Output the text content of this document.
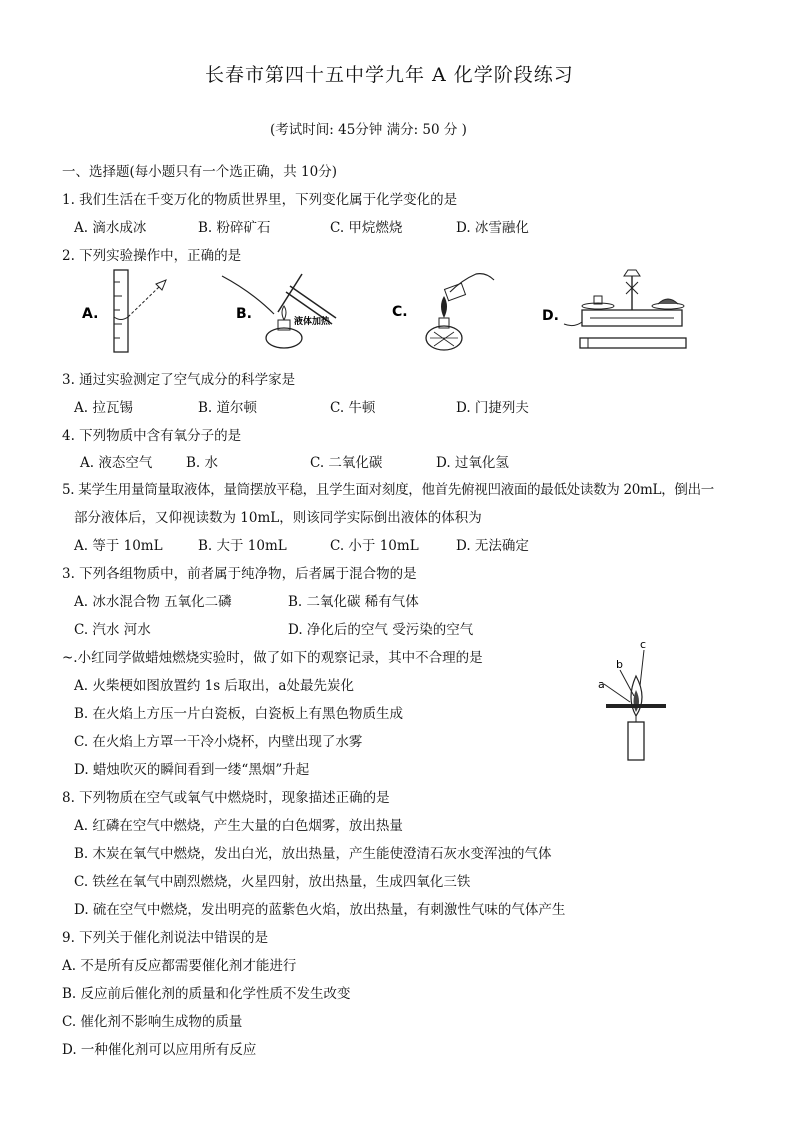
长春市第四十五中学九年 A 化学阶段练习
(考试时间: 45分钟 满分: 50 分 )
一、选择题(每小题只有一个选正确，共 10分)
1. 我们生活在千变万化的物质世界里，下列变化属于化学变化的是
A. 滴水成冰	B. 粉碎矿石	C. 甲烷燃烧	D. 冰雪融化
2. 下列实验操作中，正确的是
A.	B.	液体加热
C.	D.
3. 通过实验测定了空气成分的科学家是
A. 拉瓦锡	B. 道尔顿	C. 牛顿	D. 门捷列夫
4. 下列物质中含有氧分子的是
A. 液态空气 B. 水	C. 二氧化碳	D. 过氧化氢
5. 某学生用量筒量取液体，量筒摆放平稳，且学生面对刻度，他首先俯视凹液面的最低处读数为 20mL，倒出一
部分液体后，又仰视读数为 10mL，则该同学实际倒出液体的体积为
A. 等于 10mL	B. 大于 10mL	C. 小于 10mL	D. 无法确定
3. 下列各组物质中，前者属于纯净物，后者属于混合物的是
A. 冰水混合物 五氧化二磷	B. 二氧化碳 稀有气体
C. 汽水 河水	D. 净化后的空气 受污染的空气
~.小红同学做蜡烛燃烧实验时，做了如下的观察记录，其中不合理的是
A. 火柴梗如图放置约 1s 后取出，a处最先炭化
B. 在火焰上方压一片白瓷板，白瓷板上有黑色物质生成
C. 在火焰上方罩一干冷小烧杯，内壁出现了水雾
D. 蜡烛吹灭的瞬间看到一缕“黑烟”升起
a
b
c
8. 下列物质在空气或氧气中燃烧时，现象描述正确的是
A. 红磷在空气中燃烧，产生大量的白色烟雾，放出热量
B. 木炭在氧气中燃烧，发出白光，放出热量，产生能使澄清石灰水变浑浊的气体
C. 铁丝在氧气中剧烈燃烧，火星四射，放出热量，生成四氧化三铁
D. 硫在空气中燃烧，发出明亮的蓝紫色火焰，放出热量，有刺激性气味的气体产生
9. 下列关于催化剂说法中错误的是
A. 不是所有反应都需要催化剂才能进行
B. 反应前后催化剂的质量和化学性质不发生改变
C. 催化剂不影响生成物的质量
D. 一种催化剂可以应用所有反应
